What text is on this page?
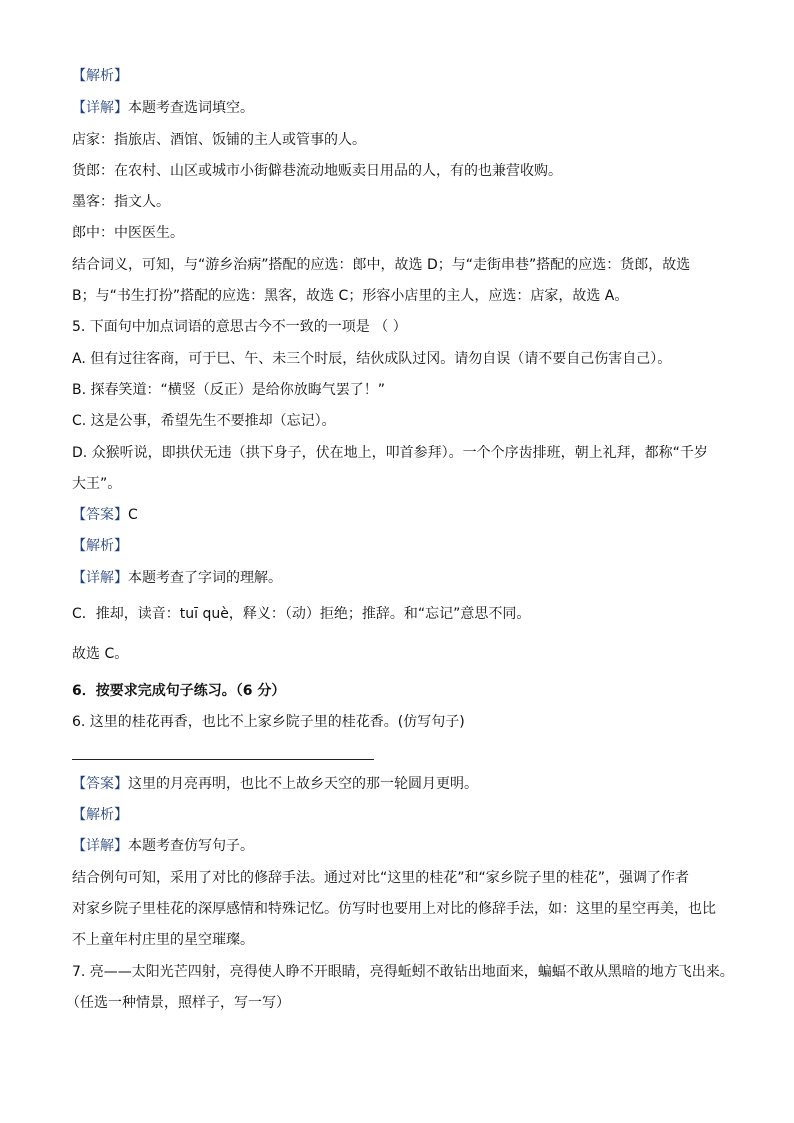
【解析】
【详解】本题考查选词填空。
店家：指旅店、酒馆、饭铺的主人或管事的人。
货郎：在农村、山区或城市小街僻巷流动地贩卖日用品的人，有的也兼营收购。
墨客：指文人。
郎中：中医医生。
结合词义，可知，与“游乡治病”搭配的应选：郎中，故选 D；与“走街串巷”搭配的应选：货郎，故选
B；与“书生打扮”搭配的应选：黑客，故选 C；形容小店里的主人，应选：店家，故选 A。
5. 下面句中加点词语的意思古今不一致的一项是 （ ）
A. 但有过往客商，可于巳、午、未三个时辰，结伙成队过冈。请勿自误（请不要自己伤害自己）。
B. 探春笑道：“横竖（反正）是给你放晦气罢了！”
C. 这是公事，希望先生不要推却（忘记）。
D. 众猴听说，即拱伏无违（拱下身子，伏在地上，叩首参拜）。一个个序齿排班，朝上礼拜，都称“千岁
大王”。
【答案】C
【解析】
【详解】本题考查了字词的理解。
C．推却，读音：tuī què，释义：（动）拒绝；推辞。和“忘记”意思不同。
故选 C。
6．按要求完成句子练习。（6 分）
6. 这里的桂花再香，也比不上家乡院子里的桂花香。(仿写句子)
【答案】这里的月亮再明，也比不上故乡天空的那一轮圆月更明。
【解析】
【详解】本题考查仿写句子。
结合例句可知，采用了对比的修辞手法。通过对比“这里的桂花”和“家乡院子里的桂花”，强调了作者
对家乡院子里桂花的深厚感情和特殊记忆。仿写时也要用上对比的修辞手法，如：这里的星空再美，也比
不上童年村庄里的星空璀璨。
7. 亮——太阳光芒四射，亮得使人睁不开眼睛，亮得蚯蚓不敢钻出地面来，蝙蝠不敢从黑暗的地方飞出来。
（任选一种情景，照样子，写一写）
